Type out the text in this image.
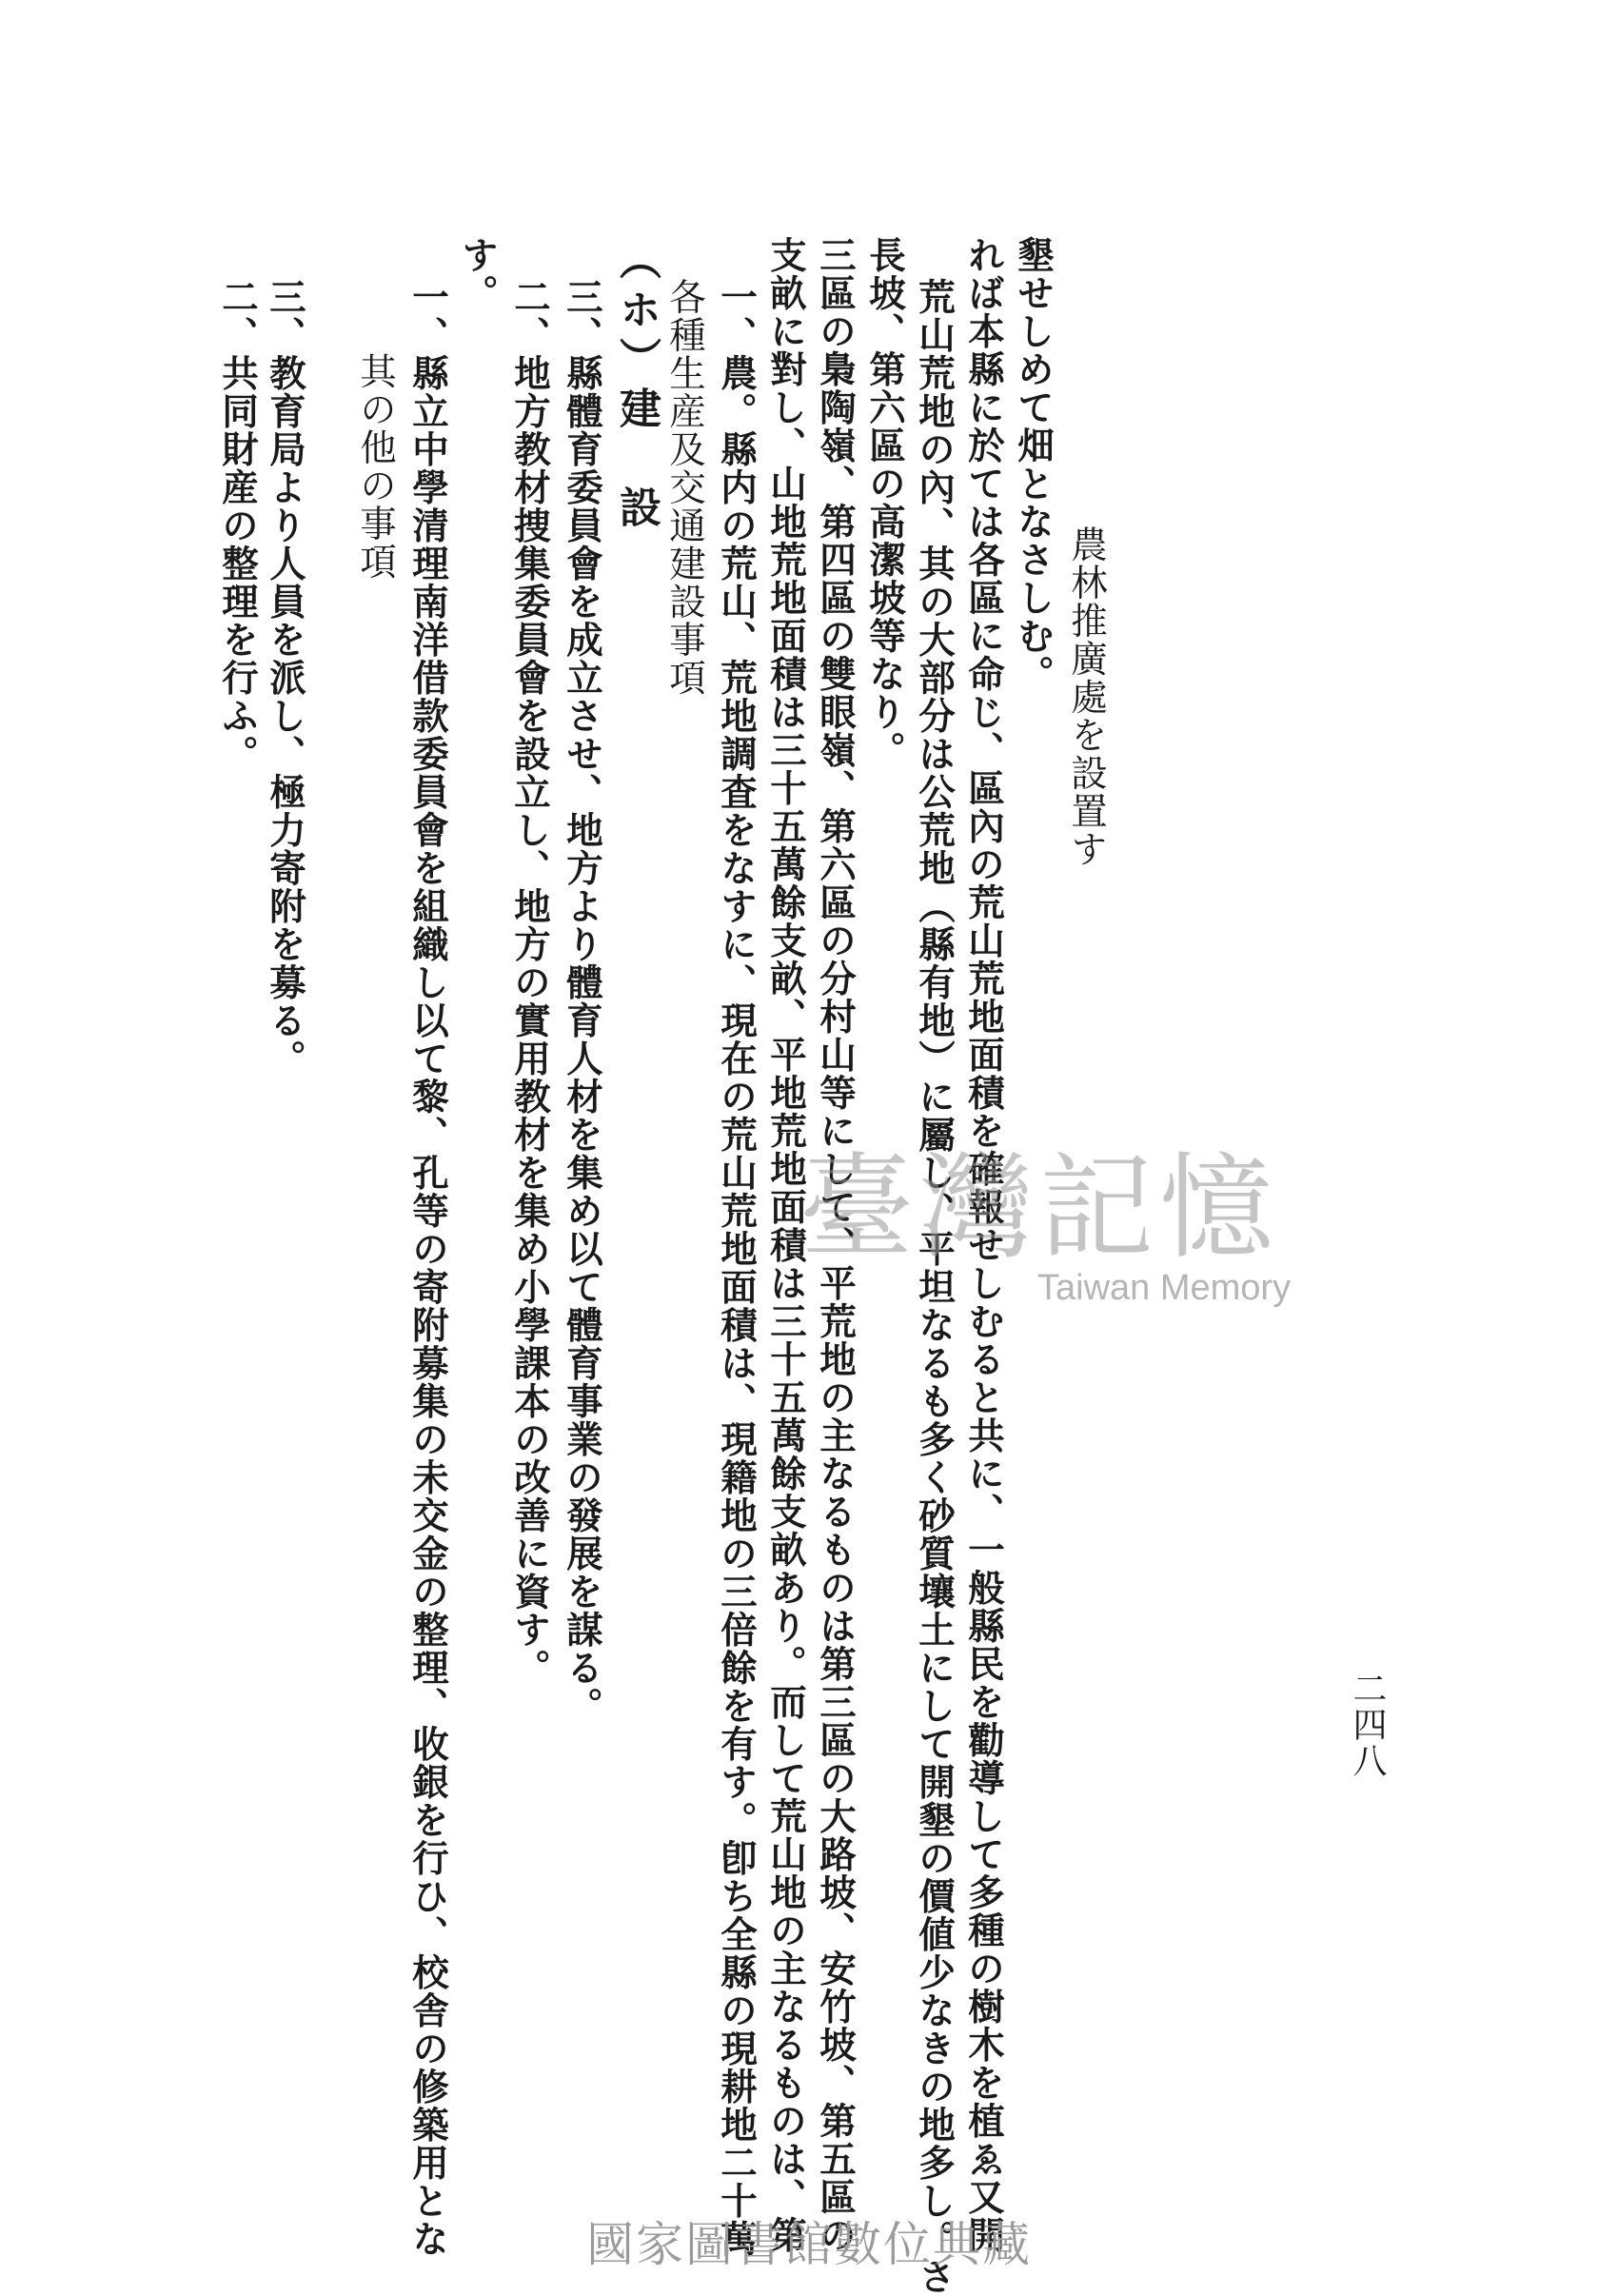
二四八
二、共同財産の整理を行ふ。 三、教育局より人員を派し、極力寄附を募る。 其の他の事項 一、縣立中學清理南洋借款委員會を組織し以て黎、孔等の寄附募集の未交金の整理、收銀を行ひ、校舎の修築用とな
す。
二、地方教材捜集委員會を設立し、地方の實用教材を集め小學課本の改善に資す。 三、縣體育委員會を成立させ、地方より體育人材を集め以て體育事業の發展を謀る。 （ホ）建　設 各種生産及交通建設事項 一、農。縣内の荒山、荒地調査をなすに、現在の荒山荒地面積は、現籍地の三倍餘を有す。卽ち全縣の現耕地二十萬 支畝に對し、山地荒地面積は三十五萬餘支畝、平地荒地面積は三十五萬餘支畝あり。而して荒山地の主なるものは、第 三區の梟陶嶺、第四區の雙眼嶺、第六區の分村山等にして、平荒地の主なるものは第三區の大路坡、安竹坡、第五區の 長坡、第六區の高潔坡等なり。 荒山荒地の內、其の大部分は公荒地（縣有地）に屬し、平坦なるも多く砂質壤土にして開墾の價値少なきの地多し。さ れば本縣に於ては各區に命じ、區內の荒山荒地面積を確報せしむると共に、一般縣民を勸導して多種の樹木を植ゑ又開 墾せしめて畑となさしむ。
農林推廣處を設置す
臺灣記憶
Taiwan Memory
國家圖書館數位典藏
